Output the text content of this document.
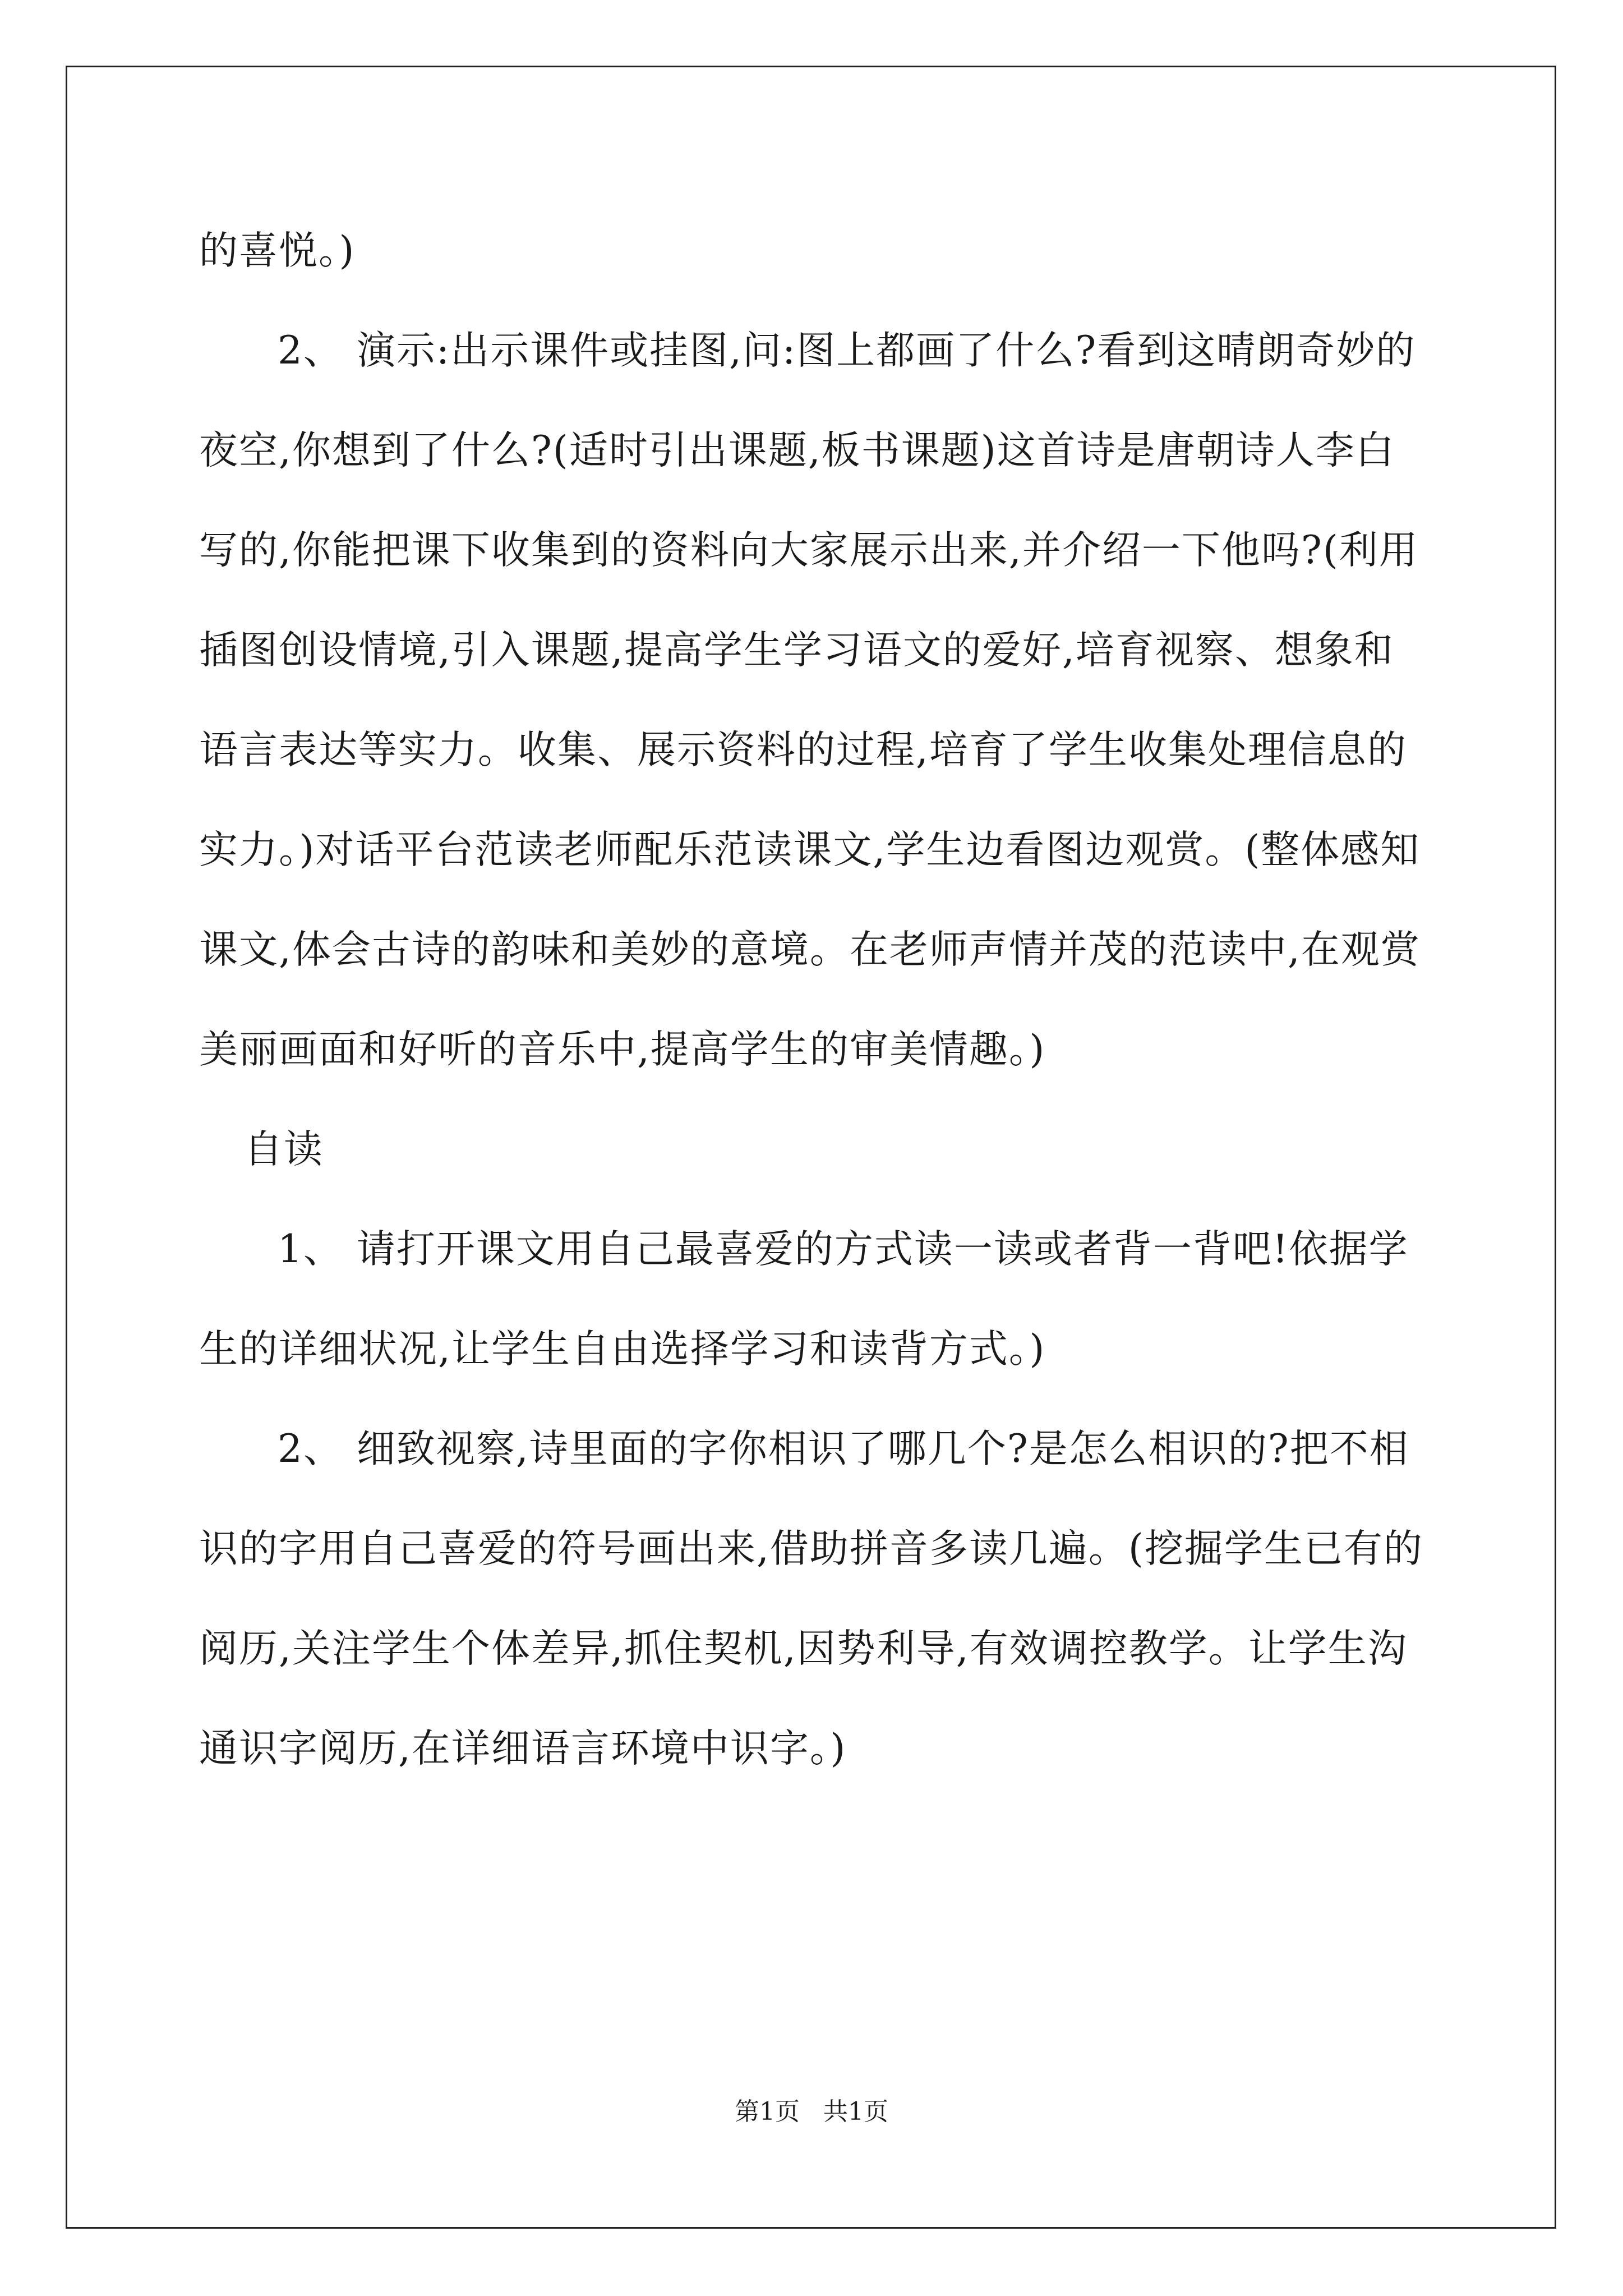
的喜悦。)

2、 演示:出示课件或挂图,问:图上都画了什么?看到这晴朗奇妙的夜空,你想到了什么?(适时引出课题,板书课题)这首诗是唐朝诗人李白写的,你能把课下收集到的资料向大家展示出来,并介绍一下他吗?(利用插图创设情境,引入课题,提高学生学习语文的爱好,培育视察、想象和语言表达等实力。收集、展示资料的过程,培育了学生收集处理信息的实力。)对话平台范读老师配乐范读课文,学生边看图边观赏。(整体感知课文,体会古诗的韵味和美妙的意境。在老师声情并茂的范读中,在观赏美丽画面和好听的音乐中,提高学生的审美情趣。)

自读

1、 请打开课文用自己最喜爱的方式读一读或者背一背吧!依据学生的详细状况,让学生自由选择学习和读背方式。)

2、 细致视察,诗里面的字你相识了哪几个?是怎么相识的?把不相识的字用自己喜爱的符号画出来,借助拼音多读几遍。(挖掘学生已有的阅历,关注学生个体差异,抓住契机,因势利导,有效调控教学。让学生沟通识字阅历,在详细语言环境中识字。)

第1页 共1页
